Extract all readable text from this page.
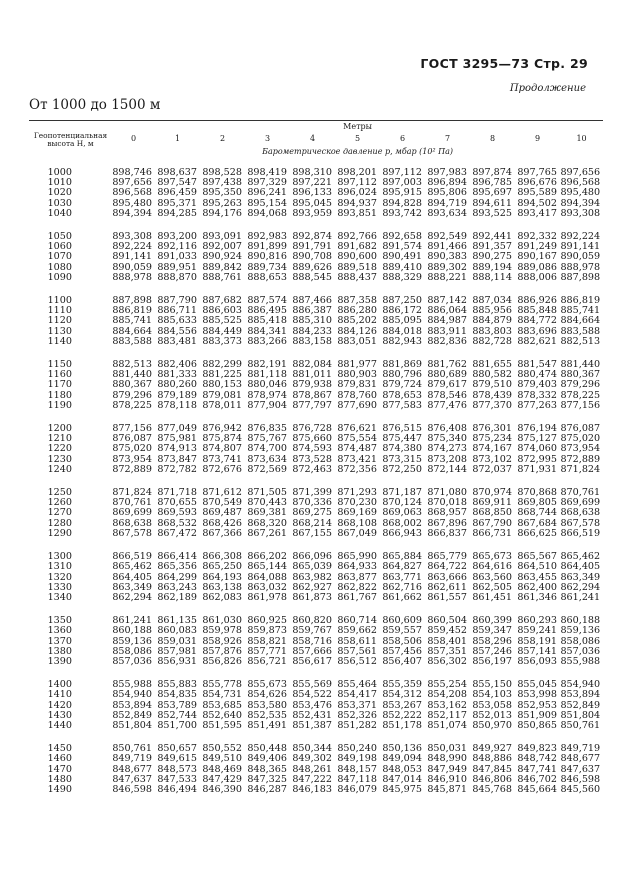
ГОСТ 3295—73 Стр. 29
Продолжение
От 1000 до 1500 м
Геопотенциальная высота H, м	Метры										
	0	1	2	3	4	5	6	7	8	9	10
	Барометрическое давление p, мбар (10² Па)										
1000	898,746	898,637	898,528	898,419	898,310	898,201	897,112	897,983	897,874	897,765	897,656
1010	897,656	897,547	897,438	897,329	897,221	897,112	897,003	896,894	896,785	896,676	896,568
1020	896,568	896,459	895,350	896,241	896,133	896,024	895,915	895,806	895,697	895,589	895,480
1030	895,480	895,371	895,263	895,154	895,045	894,937	894,828	894,719	894,611	894,502	894,394
1040	894,394	894,285	894,176	894,068	893,959	893,851	893,742	893,634	893,525	893,417	893,308
1050	893,308	893,200	893,091	892,983	892,874	892,766	892,658	892,549	892,441	892,332	892,224
1060	892,224	892,116	892,007	891,899	891,791	891,682	891,574	891,466	891,357	891,249	891,141
1070	891,141	891,033	890,924	890,816	890,708	890,600	890,491	890,383	890,275	890,167	890,059
1080	890,059	889,951	889,842	889,734	889,626	889,518	889,410	889,302	889,194	889,086	888,978
1090	888,978	888,870	888,761	888,653	888,545	888,437	888,329	888,221	888,114	888,006	887,898
1100	887,898	887,790	887,682	887,574	887,466	887,358	887,250	887,142	887,034	886,926	886,819
1110	886,819	886,711	886,603	886,495	886,387	886,280	886,172	886,064	885,956	885,848	885,741
1120	885,741	885,633	885,525	885,418	885,310	885,202	885,095	884,987	884,879	884,772	884,664
1130	884,664	884,556	884,449	884,341	884,233	884,126	884,018	883,911	883,803	883,696	883,588
1140	883,588	883,481	883,373	883,266	883,158	883,051	882,943	882,836	882,728	882,621	882,513
1150	882,513	882,406	882,299	882,191	882,084	881,977	881,869	881,762	881,655	881,547	881,440
1160	881,440	881,333	881,225	881,118	881,011	880,903	880,796	880,689	880,582	880,474	880,367
1170	880,367	880,260	880,153	880,046	879,938	879,831	879,724	879,617	879,510	879,403	879,296
1180	879,296	879,189	879,081	878,974	878,867	878,760	878,653	878,546	878,439	878,332	878,225
1190	878,225	878,118	878,011	877,904	877,797	877,690	877,583	877,476	877,370	877,263	877,156
1200	877,156	877,049	876,942	876,835	876,728	876,621	876,515	876,408	876,301	876,194	876,087
1210	876,087	875,981	875,874	875,767	875,660	875,554	875,447	875,340	875,234	875,127	875,020
1220	875,020	874,913	874,807	874,700	874,593	874,487	874,380	874,273	874,167	874,060	873,954
1230	873,954	873,847	873,741	873,634	873,528	873,421	873,315	873,208	873,102	872,995	872,889
1240	872,889	872,782	872,676	872,569	872,463	872,356	872,250	872,144	872,037	871,931	871,824
1250	871,824	871,718	871,612	871,505	871,399	871,293	871,187	871,080	870,974	870,868	870,761
1260	870,761	870,655	870,549	870,443	870,336	870,230	870,124	870,018	869,911	869,805	869,699
1270	869,699	869,593	869,487	869,381	869,275	869,169	869,063	868,957	868,850	868,744	868,638
1280	868,638	868,532	868,426	868,320	868,214	868,108	868,002	867,896	867,790	867,684	867,578
1290	867,578	867,472	867,366	867,261	867,155	867,049	866,943	866,837	866,731	866,625	866,519
1300	866,519	866,414	866,308	866,202	866,096	865,990	865,884	865,779	865,673	865,567	865,462
1310	865,462	865,356	865,250	865,144	865,039	864,933	864,827	864,722	864,616	864,510	864,405
1320	864,405	864,299	864,193	864,088	863,982	863,877	863,771	863,666	863,560	863,455	863,349
1330	863,349	863,243	863,138	863,032	862,927	862,822	862,716	862,611	862,505	862,400	862,294
1340	862,294	862,189	862,083	861,978	861,873	861,767	861,662	861,557	861,451	861,346	861,241
1350	861,241	861,135	861,030	860,925	860,820	860,714	860,609	860,504	860,399	860,293	860,188
1360	860,188	860,083	859,978	859,873	859,767	859,662	859,557	859,452	859,347	859,241	859,136
1370	859,136	859,031	858,926	858,821	858,716	858,611	858,506	858,401	858,296	858,191	858,086
1380	858,086	857,981	857,876	857,771	857,666	857,561	857,456	857,351	857,246	857,141	857,036
1390	857,036	856,931	856,826	856,721	856,617	856,512	856,407	856,302	856,197	856,093	855,988
1400	855,988	855,883	855,778	855,673	855,569	855,464	855,359	855,254	855,150	855,045	854,940
1410	854,940	854,835	854,731	854,626	854,522	854,417	854,312	854,208	854,103	853,998	853,894
1420	853,894	853,789	853,685	853,580	853,476	853,371	853,267	853,162	853,058	852,953	852,849
1430	852,849	852,744	852,640	852,535	852,431	852,326	852,222	852,117	852,013	851,909	851,804
1440	851,804	851,700	851,595	851,491	851,387	851,282	851,178	851,074	850,970	850,865	850,761
1450	850,761	850,657	850,552	850,448	850,344	850,240	850,136	850,031	849,927	849,823	849,719
1460	849,719	849,615	849,510	849,406	849,302	849,198	849,094	848,990	848,886	848,742	848,677
1470	848,677	848,573	848,469	848,365	848,261	848,157	848,053	847,949	847,845	847,741	847,637
1480	847,637	847,533	847,429	847,325	847,222	847,118	847,014	846,910	846,806	846,702	846,598
1490	846,598	846,494	846,390	846,287	846,183	846,079	845,975	845,871	845,768	845,664	845,560
